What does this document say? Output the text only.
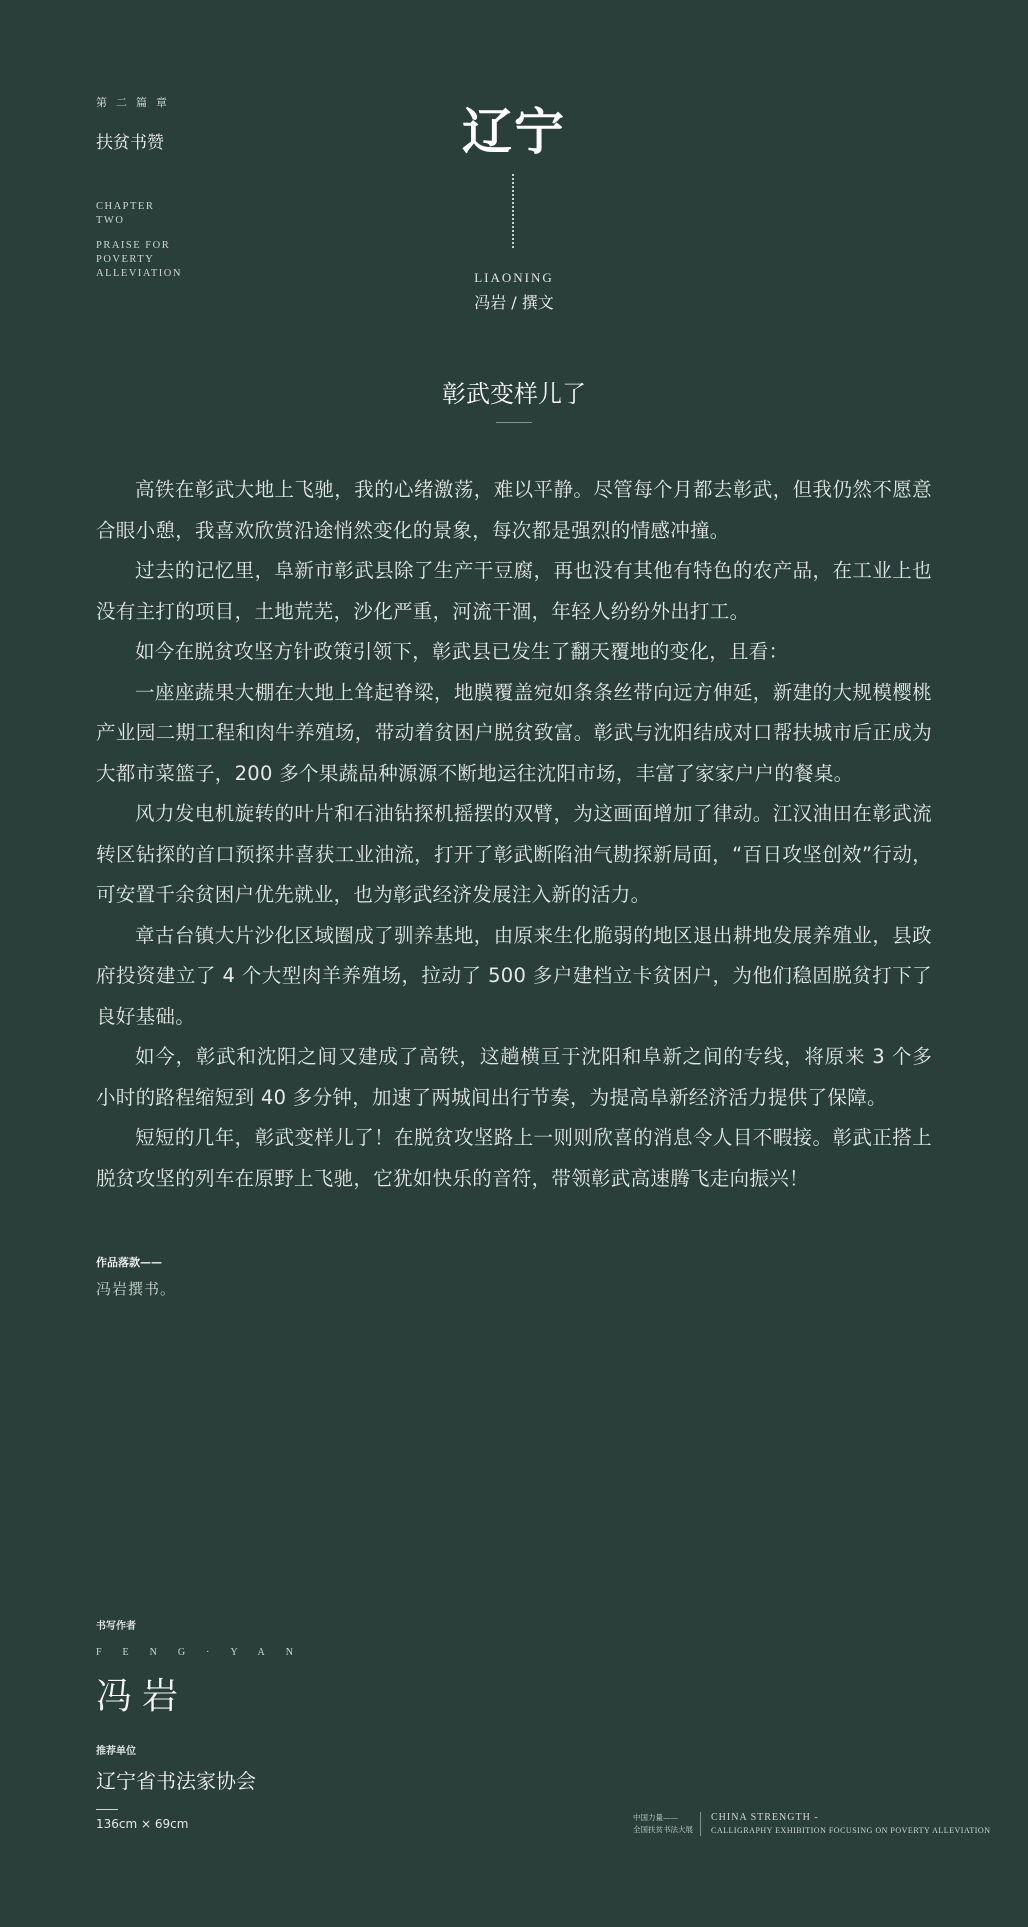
第二篇章
扶贫书赞
CHAPTER
TWO
PRAISE FOR
POVERTY
ALLEVIATION
辽宁
LIAONING
冯岩 / 撰文
彰武变样儿了

高铁在彰武大地上飞驰，我的心绪激荡，难以平静。尽管每个月都去彰武，但我仍然不愿意合眼小憩，我喜欢欣赏沿途悄然变化的景象，每次都是强烈的情感冲撞。

过去的记忆里，阜新市彰武县除了生产干豆腐，再也没有其他有特色的农产品，在工业上也没有主打的项目，土地荒芜，沙化严重，河流干涸，年轻人纷纷外出打工。

如今在脱贫攻坚方针政策引领下，彰武县已发生了翻天覆地的变化，且看：

一座座蔬果大棚在大地上耸起脊梁，地膜覆盖宛如条条丝带向远方伸延，新建的大规模樱桃产业园二期工程和肉牛养殖场，带动着贫困户脱贫致富。彰武与沈阳结成对口帮扶城市后正成为大都市菜篮子，200 多个果蔬品种源源不断地运往沈阳市场，丰富了家家户户的餐桌。

风力发电机旋转的叶片和石油钻探机摇摆的双臂，为这画面增加了律动。江汉油田在彰武流转区钻探的首口预探井喜获工业油流，打开了彰武断陷油气勘探新局面，“百日攻坚创效”行动，可安置千余贫困户优先就业，也为彰武经济发展注入新的活力。

章古台镇大片沙化区域圈成了驯养基地，由原来生化脆弱的地区退出耕地发展养殖业，县政府投资建立了 4 个大型肉羊养殖场，拉动了 500 多户建档立卡贫困户，为他们稳固脱贫打下了良好基础。

如今，彰武和沈阳之间又建成了高铁，这趟横亘于沈阳和阜新之间的专线，将原来 3 个多小时的路程缩短到 40 多分钟，加速了两城间出行节奏，为提高阜新经济活力提供了保障。

短短的几年，彰武变样儿了！在脱贫攻坚路上一则则欣喜的消息令人目不暇接。彰武正搭上脱贫攻坚的列车在原野上飞驰，它犹如快乐的音符，带领彰武高速腾飞走向振兴！

作品落款——
冯岩撰书。
书写作者
FENG·YAN
冯岩
推荐单位
辽宁省书法家协会
136cm × 69cm	中国力量——
全国扶贫书法大展
CHINA STRENGTH -
CALLIGRAPHY EXHIBITION FOCUSING ON POVERTY ALLEVIATION
